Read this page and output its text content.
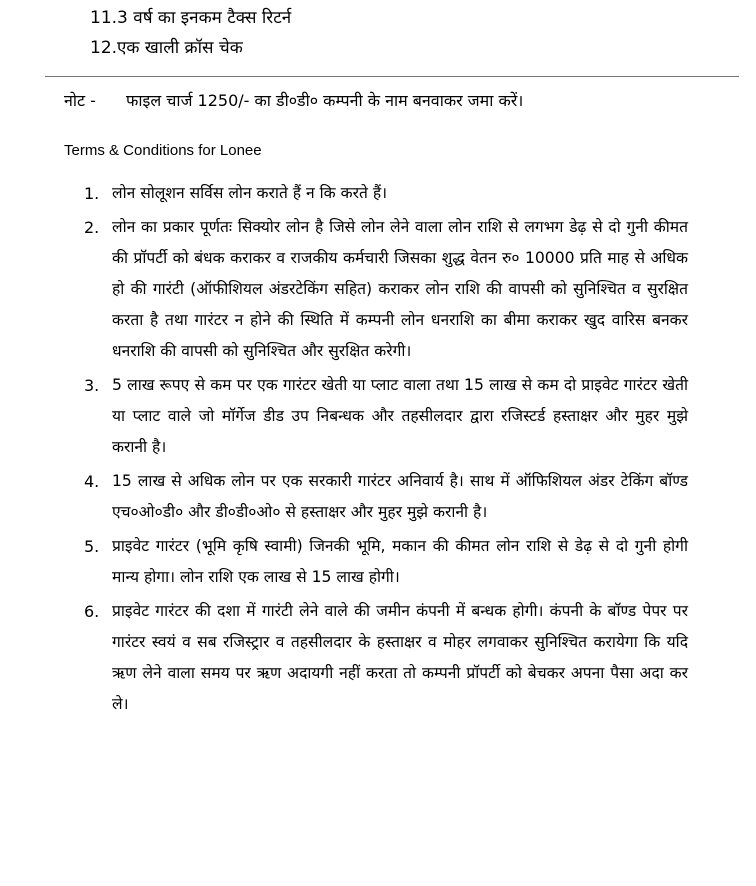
11.3 वर्ष का इनकम टैक्स रिटर्न
12.एक खाली क्रॉस चेक
नोट - फाइल चार्ज 1250/- का डी०डी० कम्पनी के नाम बनवाकर जमा करें।
Terms & Conditions for Lonee
1. लोन सोलूशन सर्विस लोन कराते हैं न कि करते हैं।
2. लोन का प्रकार पूर्णतः सिक्योर लोन है जिसे लोन लेने वाला लोन राशि से लगभग डेढ़ से दो गुनी कीमत की प्रॉपर्टी को बंधक कराकर व राजकीय कर्मचारी जिसका शुद्ध वेतन रु० 10000 प्रति माह से अधिक हो की गारंटी (ऑफीशियल अंडरटेकिंग सहित) कराकर लोन राशि की वापसी को सुनिश्चित व सुरक्षित करता है तथा गारंटर न होने की स्थिति में कम्पनी लोन धनराशि का बीमा कराकर खुद वारिस बनकर धनराशि की वापसी को सुनिश्चित और सुरक्षित करेगी।
3. 5 लाख रूपए से कम पर एक गारंटर खेती या प्लाट वाला तथा 15 लाख से कम दो प्राइवेट गारंटर खेती या प्लाट वाले जो मॉर्गेज डीड उप निबन्धक और तहसीलदार द्वारा रजिस्टर्ड हस्ताक्षर और मुहर मुझे करानी है।
4. 15 लाख से अधिक लोन पर एक सरकारी गारंटर अनिवार्य है। साथ में ऑफिशियल अंडर टेकिंग बॉण्ड एच०ओ०डी० और डी०डी०ओ० से हस्ताक्षर और मुहर मुझे करानी है।
5. प्राइवेट गारंटर (भूमि कृषि स्वामी) जिनकी भूमि, मकान की कीमत लोन राशि से डेढ़ से दो गुनी होगी मान्य होगा। लोन राशि एक लाख से 15 लाख होगी।
6. प्राइवेट गारंटर की दशा में गारंटी लेने वाले की जमीन कंपनी में बन्धक होगी। कंपनी के बॉण्ड पेपर पर गारंटर स्वयं व सब रजिस्ट्रार व तहसीलदार के हस्ताक्षर व मोहर लगवाकर सुनिश्चित करायेगा कि यदि ऋण लेने वाला समय पर ऋण अदायगी नहीं करता तो कम्पनी प्रॉपर्टी को बेचकर अपना पैसा अदा कर ले।
